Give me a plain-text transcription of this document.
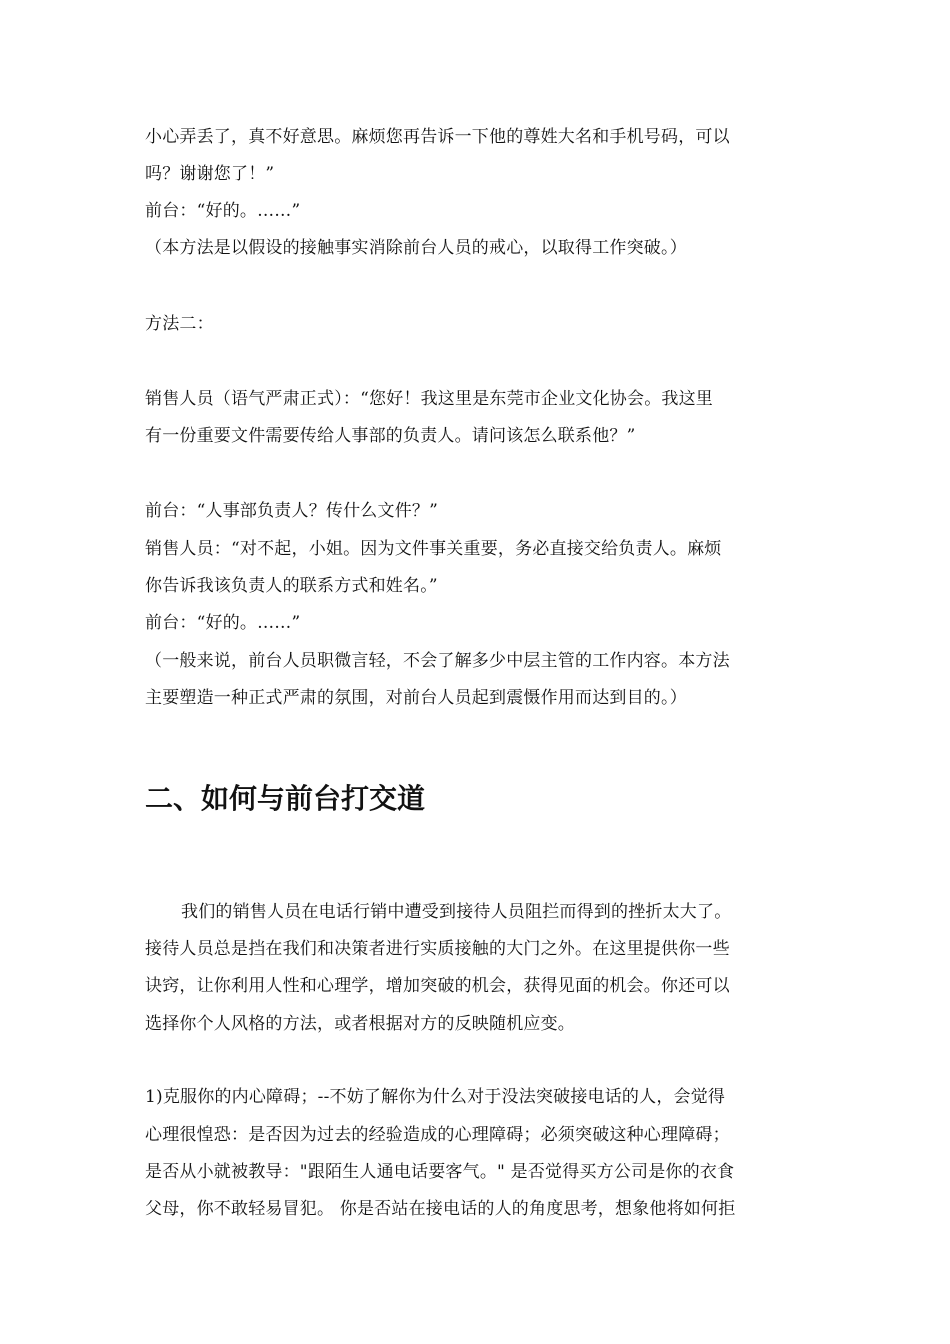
小心弄丢了，真不好意思。麻烦您再告诉一下他的尊姓大名和手机号码，可以
吗？谢谢您了！”
前台：“好的。……”
（本方法是以假设的接触事实消除前台人员的戒心，以取得工作突破。）
方法二：
销售人员（语气严肃正式）：“您好！我这里是东莞市企业文化协会。我这里
有一份重要文件需要传给人事部的负责人。请问该怎么联系他？”
前台：“人事部负责人？传什么文件？”
销售人员：“对不起，小姐。因为文件事关重要，务必直接交给负责人。麻烦
你告诉我该负责人的联系方式和姓名。”
前台：“好的。……”
（一般来说，前台人员职微言轻，不会了解多少中层主管的工作内容。本方法
主要塑造一种正式严肃的氛围，对前台人员起到震慑作用而达到目的。）
二、如何与前台打交道
我们的销售人员在电话行销中遭受到接待人员阻拦而得到的挫折太大了。
接待人员总是挡在我们和决策者进行实质接触的大门之外。在这里提供你一些
诀窍，让你利用人性和心理学，增加突破的机会，获得见面的机会。你还可以
选择你个人风格的方法，或者根据对方的反映随机应变。
1)克服你的内心障碍；--不妨了解你为什么对于没法突破接电话的人，会觉得
心理很惶恐：是否因为过去的经验造成的心理障碍；必须突破这种心理障碍；
是否从小就被教导："跟陌生人通电话要客气。" 是否觉得买方公司是你的衣食
父母，你不敢轻易冒犯。 你是否站在接电话的人的角度思考，想象他将如何拒
